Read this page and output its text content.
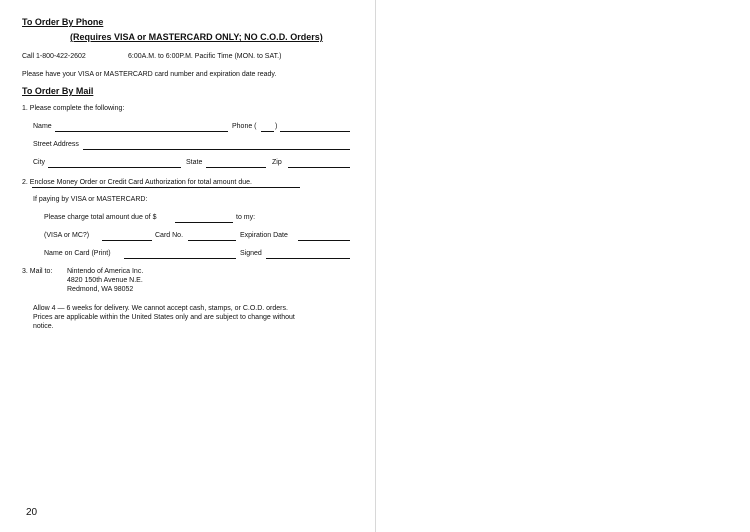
To Order By Phone
(Requires VISA or MASTERCARD ONLY; NO C.O.D. Orders)
Call 1-800-422-2602	6:00A.M. to 6:00P.M. Pacific Time (MON. to SAT.)
Please have your VISA or MASTERCARD card number and expiration date ready.
To Order By Mail
1. Please complete the following:
Name	Phone (	)
Street Address
City	State	Zip
2. Enclose Money Order or Credit Card Authorization for total amount due.
If paying by VISA or MASTERCARD:
Please charge total amount due of $	to my:
(VISA or MC?)	Card No.	Expiration Date
Name on Card (Print)	Signed
3. Mail to: Nintendo of America Inc.
4820 150th Avenue N.E.
Redmond, WA 98052
Allow 4 — 6 weeks for delivery. We cannot accept cash, stamps, or C.O.D. orders.
Prices are applicable within the United States only and are subject to change without
notice.
20
